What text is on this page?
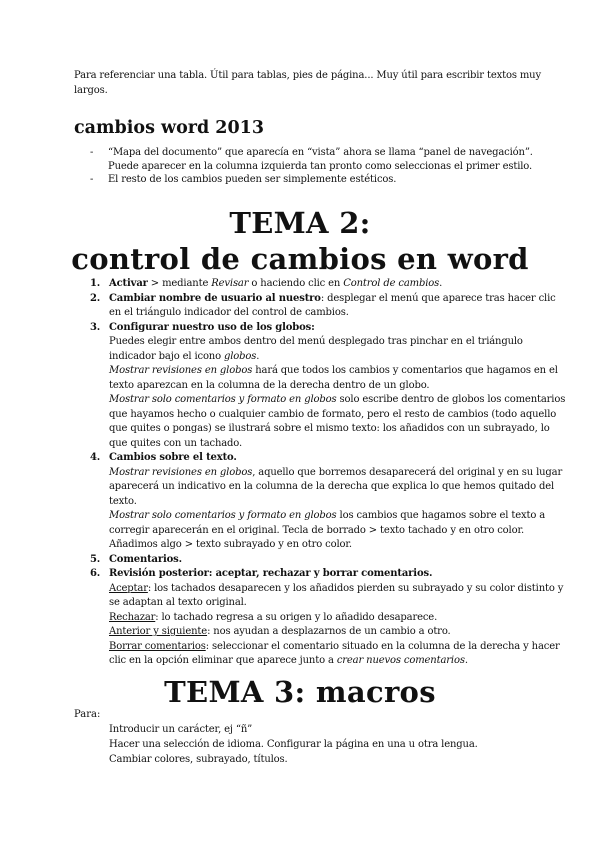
Para referenciar una tabla. Útil para tablas, pies de página... Muy útil para escribir textos muy largos.
cambios word 2013
- “Mapa del documento” que aparecía en “vista” ahora se llama “panel de navegación”. Puede aparecer en la columna izquierda tan pronto como seleccionas el primer estilo.
- El resto de los cambios pueden ser simplemente estéticos.
TEMA 2:
control de cambios en word
1. Activar > mediante Revisar o haciendo clic en Control de cambios.
2. Cambiar nombre de usuario al nuestro: desplegar el menú que aparece tras hacer clic en el triángulo indicador del control de cambios.
3. Configurar nuestro uso de los globos:

Puedes elegir entre ambos dentro del menú desplegado tras pinchar en el triángulo indicador bajo el icono globos.

Mostrar revisiones en globos hará que todos los cambios y comentarios que hagamos en el texto aparezcan en la columna de la derecha dentro de un globo.

Mostrar solo comentarios y formato en globos solo escribe dentro de globos los comentarios que hayamos hecho o cualquier cambio de formato, pero el resto de cambios (todo aquello que quites o pongas) se ilustrará sobre el mismo texto: los añadidos con un subrayado, lo que quites con un tachado.

4. Cambios sobre el texto.

Mostrar revisiones en globos, aquello que borremos desaparecerá del original y en su lugar aparecerá un indicativo en la columna de la derecha que explica lo que hemos quitado del texto.

Mostrar solo comentarios y formato en globos los cambios que hagamos sobre el texto a corregir aparecerán en el original. Tecla de borrado > texto tachado y en otro color. Añadimos algo > texto subrayado y en otro color.

5. Comentarios.
6. Revisión posterior: aceptar, rechazar y borrar comentarios.

Aceptar: los tachados desaparecen y los añadidos pierden su subrayado y su color distinto y se adaptan al texto original.

Rechazar: lo tachado regresa a su origen y lo añadido desaparece.

Anterior y siguiente: nos ayudan a desplazarnos de un cambio a otro.

Borrar comentarios: seleccionar el comentario situado en la columna de la derecha y hacer clic en la opción eliminar que aparece junto a crear nuevos comentarios.

TEMA 3: macros
Para:
Introducir un carácter, ej “ñ”
Hacer una selección de idioma. Configurar la página en una u otra lengua.
Cambiar colores, subrayado, títulos.
